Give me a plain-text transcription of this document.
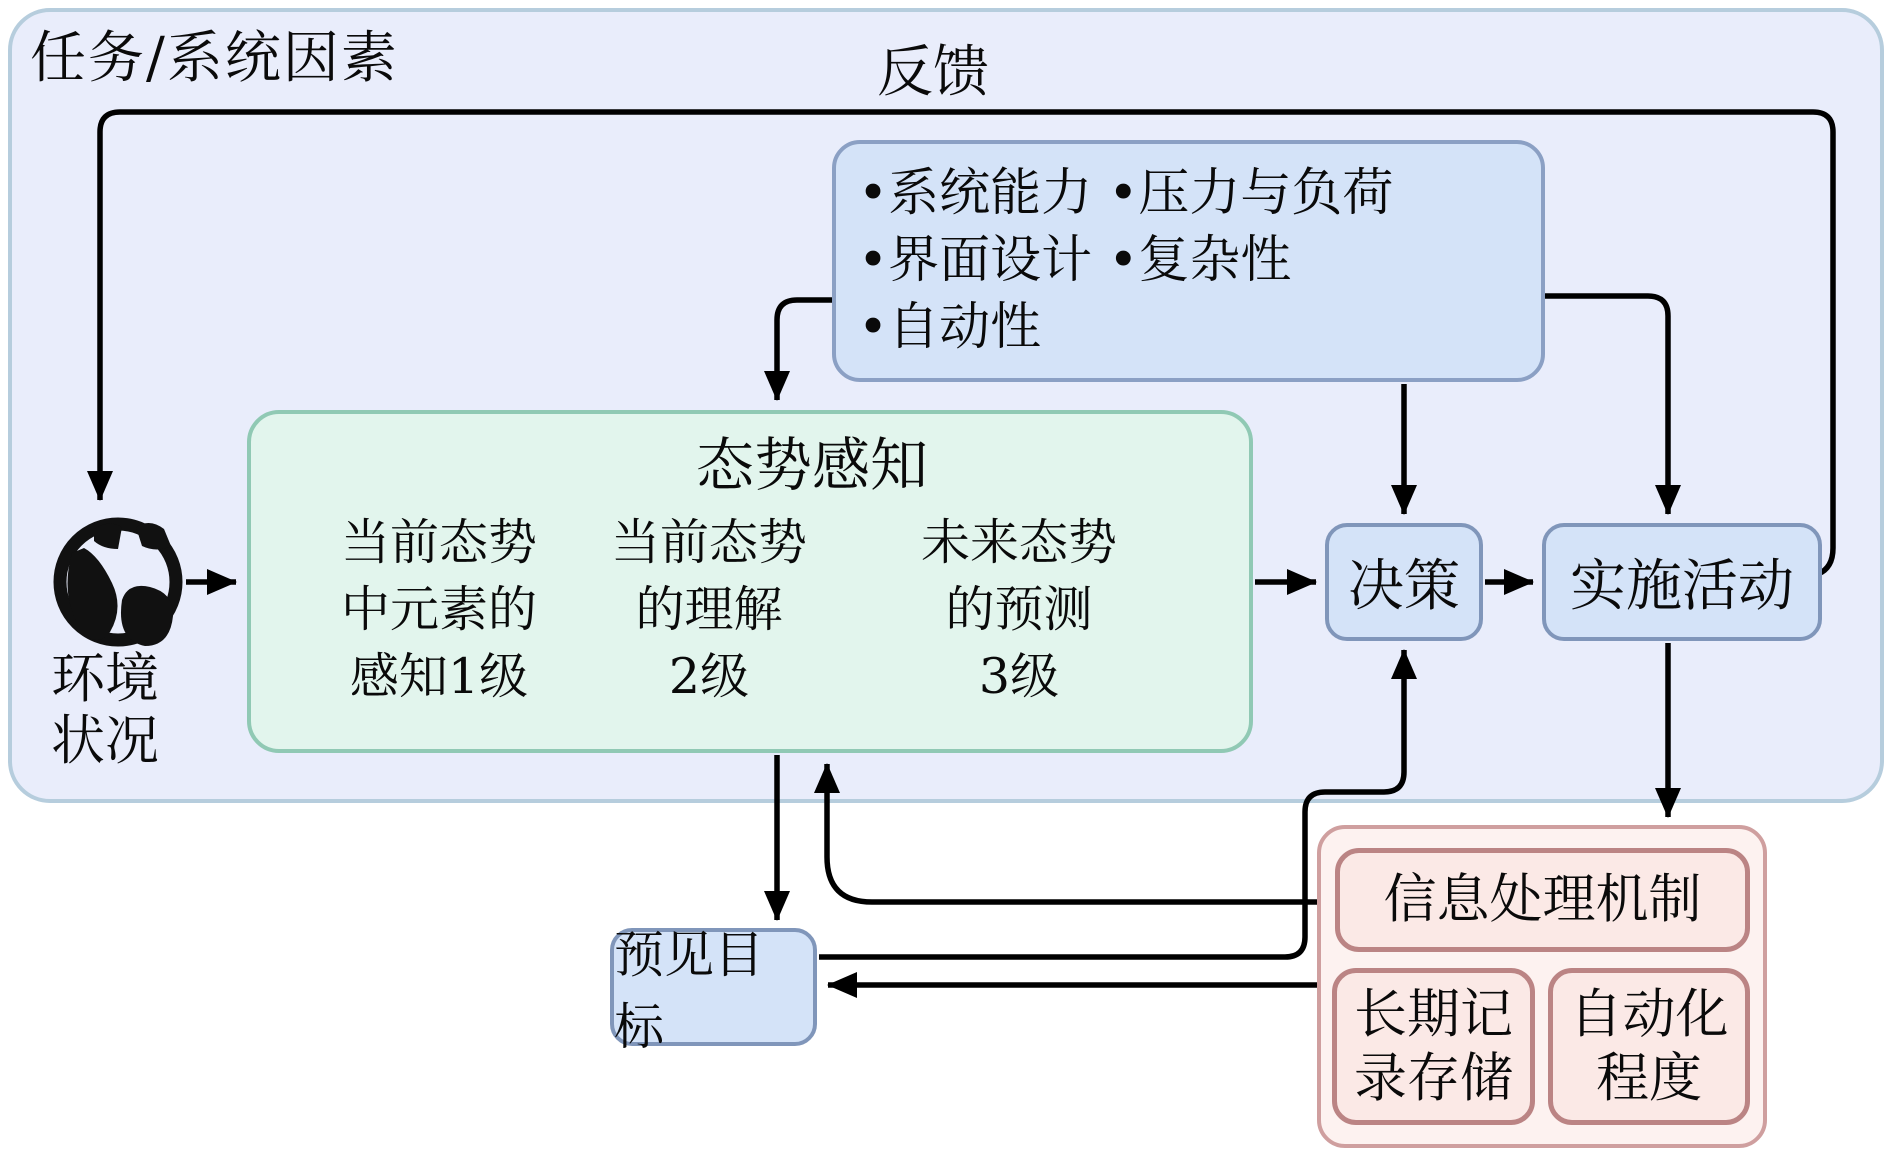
任务/系统因素	反馈
•系统能力 •压力与负荷
•界面设计 •复杂性
•自动性
态势感知
当前态势
中元素的
感知1级
当前态势
的理解
2级
未来态势
的预测
3级
决策	实施活动
环境
状况
预见目标
信息处理机制
长期记
录存储
自动化
程度
